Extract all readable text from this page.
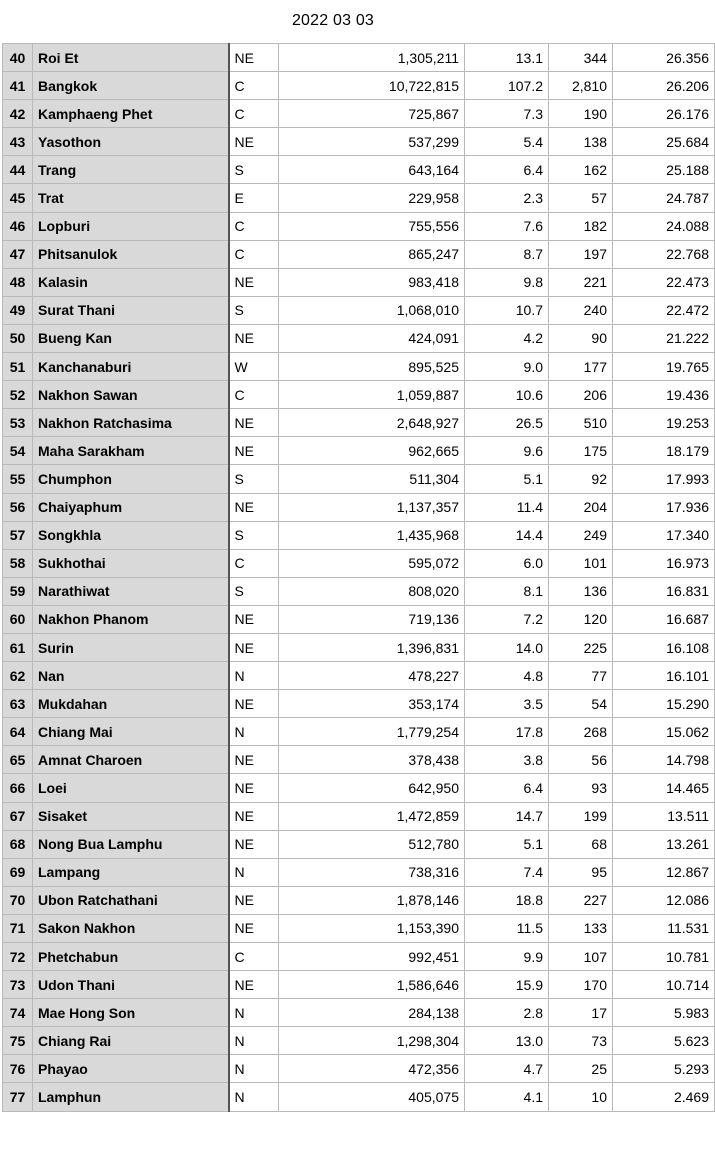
2022 03 03
40	Roi Et	NE	1,305,211	13.1	344	26.356
41	Bangkok	C	10,722,815	107.2	2,810	26.206
42	Kamphaeng Phet	C	725,867	7.3	190	26.176
43	Yasothon	NE	537,299	5.4	138	25.684
44	Trang	S	643,164	6.4	162	25.188
45	Trat	E	229,958	2.3	57	24.787
46	Lopburi	C	755,556	7.6	182	24.088
47	Phitsanulok	C	865,247	8.7	197	22.768
48	Kalasin	NE	983,418	9.8	221	22.473
49	Surat Thani	S	1,068,010	10.7	240	22.472
50	Bueng Kan	NE	424,091	4.2	90	21.222
51	Kanchanaburi	W	895,525	9.0	177	19.765
52	Nakhon Sawan	C	1,059,887	10.6	206	19.436
53	Nakhon Ratchasima	NE	2,648,927	26.5	510	19.253
54	Maha Sarakham	NE	962,665	9.6	175	18.179
55	Chumphon	S	511,304	5.1	92	17.993
56	Chaiyaphum	NE	1,137,357	11.4	204	17.936
57	Songkhla	S	1,435,968	14.4	249	17.340
58	Sukhothai	C	595,072	6.0	101	16.973
59	Narathiwat	S	808,020	8.1	136	16.831
60	Nakhon Phanom	NE	719,136	7.2	120	16.687
61	Surin	NE	1,396,831	14.0	225	16.108
62	Nan	N	478,227	4.8	77	16.101
63	Mukdahan	NE	353,174	3.5	54	15.290
64	Chiang Mai	N	1,779,254	17.8	268	15.062
65	Amnat Charoen	NE	378,438	3.8	56	14.798
66	Loei	NE	642,950	6.4	93	14.465
67	Sisaket	NE	1,472,859	14.7	199	13.511
68	Nong Bua Lamphu	NE	512,780	5.1	68	13.261
69	Lampang	N	738,316	7.4	95	12.867
70	Ubon Ratchathani	NE	1,878,146	18.8	227	12.086
71	Sakon Nakhon	NE	1,153,390	11.5	133	11.531
72	Phetchabun	C	992,451	9.9	107	10.781
73	Udon Thani	NE	1,586,646	15.9	170	10.714
74	Mae Hong Son	N	284,138	2.8	17	5.983
75	Chiang Rai	N	1,298,304	13.0	73	5.623
76	Phayao	N	472,356	4.7	25	5.293
77	Lamphun	N	405,075	4.1	10	2.469
